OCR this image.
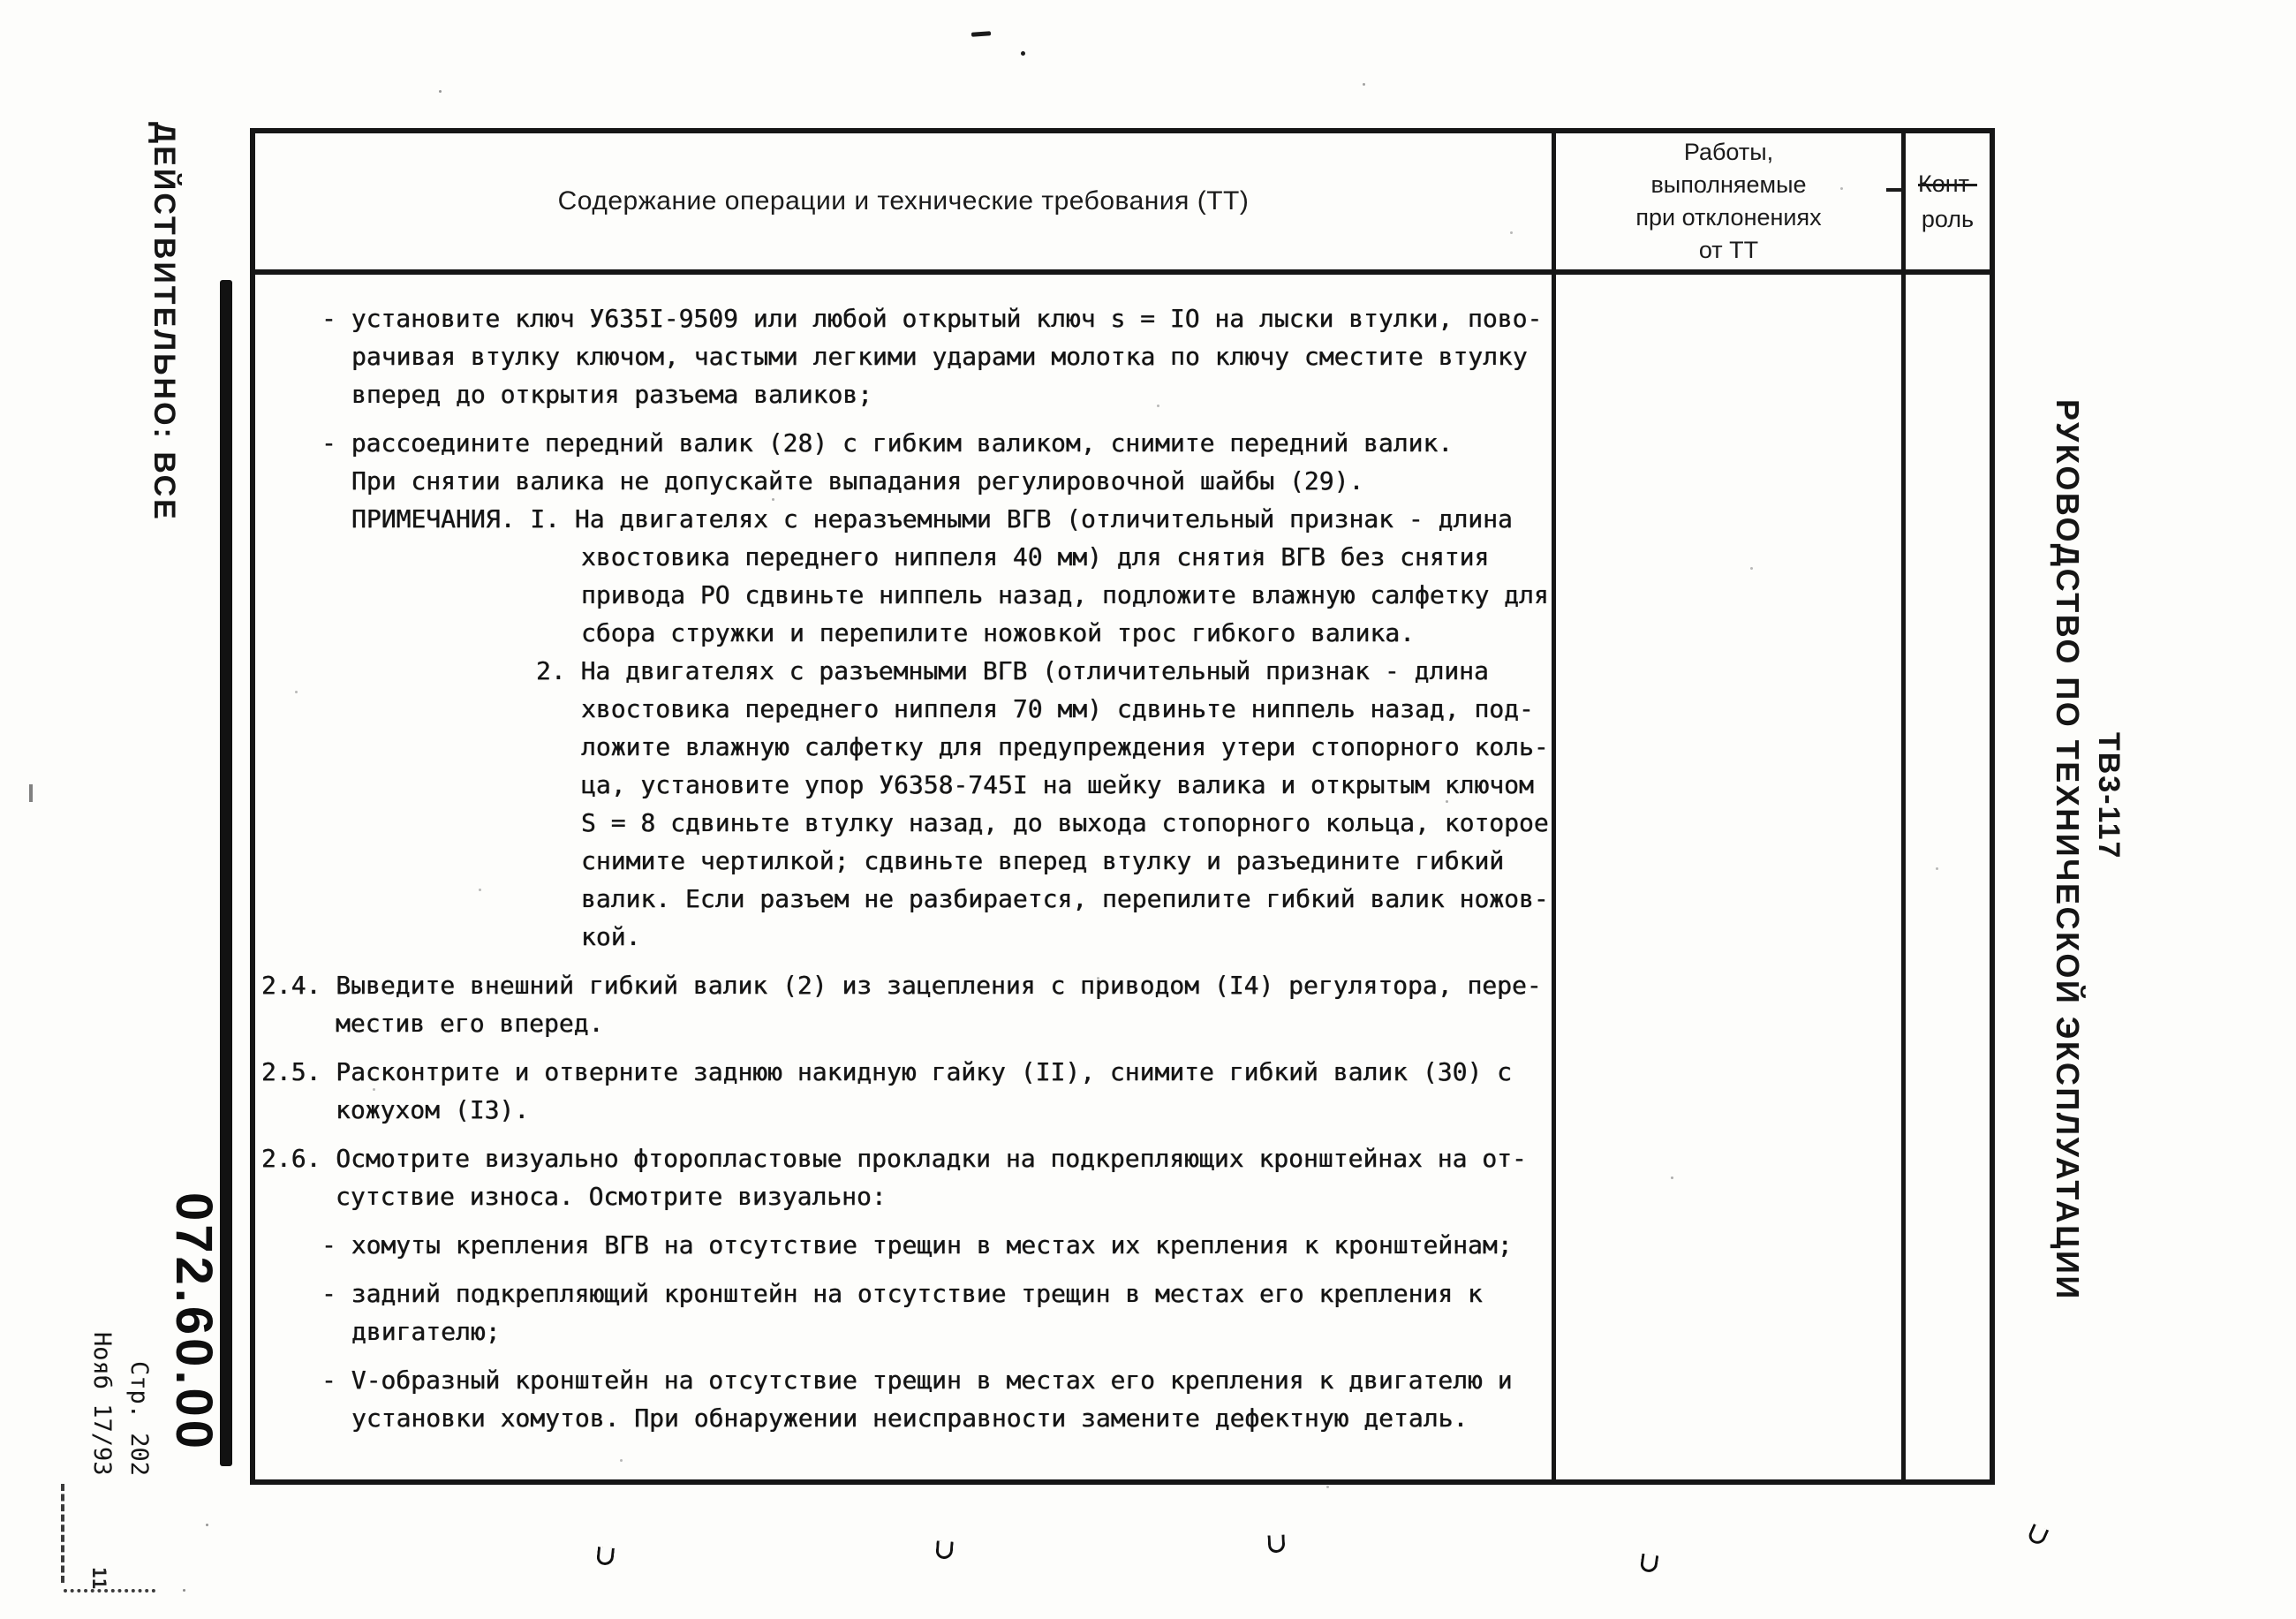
ДЕЙСТВИТЕЛЬНО: ВСЕ
072.60.00
Стр. 202
Нояб 17/93
11
ТВ3-117
РУКОВОДСТВО ПО ТЕХНИЧЕСКОЙ ЭКСПЛУАТАЦИИ
Содержание операции и технические требования (ТТ)
Работы,
выполняемые
при отклонениях
от ТТ
Конт-
роль
- установите ключ У635I-9509 или любой открытый ключ s = IO на лыски втулки, пово-
рачивая втулку ключом, частыми легкими ударами молотка по ключу сместите втулку
вперед до открытия разъема валиков;
- рассоедините передний валик (28) с гибким валиком, снимите передний валик.
При снятии валика не допускайте выпадания регулировочной шайбы (29).
ПРИМЕЧАНИЯ. I. На двигателях с неразъемными ВГВ (отличительный признак - длина
хвостовика переднего ниппеля 40 мм) для снятия ВГВ без снятия
привода РО сдвиньте ниппель назад, подложите влажную салфетку для
сбора стружки и перепилите ножовкой трос гибкого валика.
2. На двигателях с разъемными ВГВ (отличительный признак - длина
хвостовика переднего ниппеля 70 мм) сдвиньте ниппель назад, под-
ложите влажную салфетку для предупреждения утери стопорного коль-
ца, установите упор У6358-745I на шейку валика и открытым ключом
S = 8 сдвиньте втулку назад, до выхода стопорного кольца, которое
снимите чертилкой; сдвиньте вперед втулку и разъедините гибкий
валик. Если разъем не разбирается, перепилите гибкий валик ножов-
кой.
2.4. Выведите внешний гибкий валик (2) из зацепления с приводом (I4) регулятора, пере-
местив его вперед.
2.5. Расконтрите и отверните заднюю накидную гайку (II), снимите гибкий валик (30) с
кожухом (I3).
2.6. Осмотрите визуально фторопластовые прокладки на подкрепляющих кронштейнах на от-
сутствие износа. Осмотрите визуально:
- хомуты крепления ВГВ на отсутствие трещин в местах их крепления к кронштейнам;
- задний подкрепляющий кронштейн на отсутствие трещин в местах его крепления к
двигателю;
- V-образный кронштейн на отсутствие трещин в местах его крепления к двигателю и
установки хомутов. При обнаружении неисправности замените дефектную деталь.
